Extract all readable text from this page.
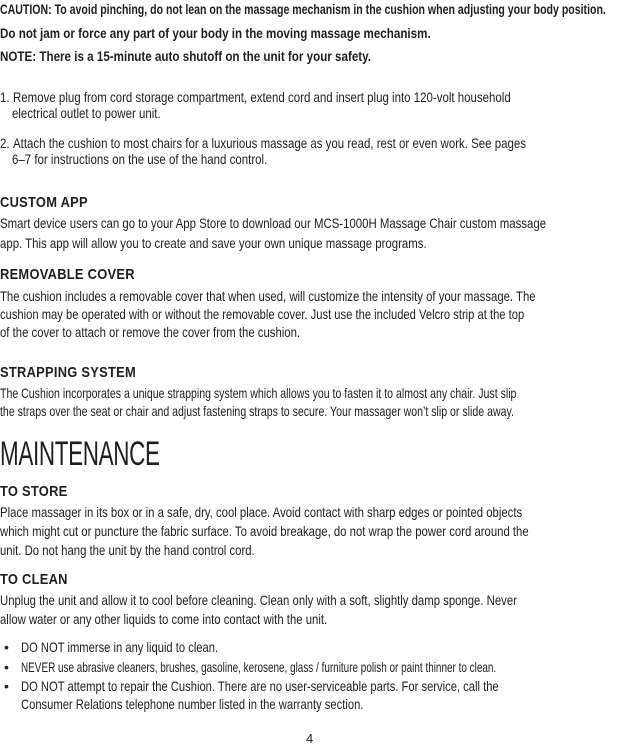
CAUTION: To avoid pinching, do not lean on the massage mechanism in the cushion when adjusting your body position.
Do not jam or force any part of your body in the moving massage mechanism.
NOTE: There is a 15-minute auto shutoff on the unit for your safety.
1. Remove plug from cord storage compartment, extend cord and insert plug into 120-volt household
electrical outlet to power unit.
2. Attach the cushion to most chairs for a luxurious massage as you read, rest or even work. See pages
6–7 for instructions on the use of the hand control.
CUSTOM APP
Smart device users can go to your App Store to download our MCS-1000H Massage Chair custom massage
app. This app will allow you to create and save your own unique massage programs.
REMOVABLE COVER
The cushion includes a removable cover that when used, will customize the intensity of your massage. The
cushion may be operated with or without the removable cover. Just use the included Velcro strip at the top
of the cover to attach or remove the cover from the cushion.
STRAPPING SYSTEM
The Cushion incorporates a unique strapping system which allows you to fasten it to almost any chair. Just slip
the straps over the seat or chair and adjust fastening straps to secure. Your massager won’t slip or slide away.
MAINTENANCE
TO STORE
Place massager in its box or in a safe, dry, cool place. Avoid contact with sharp edges or pointed objects
which might cut or puncture the fabric surface. To avoid breakage, do not wrap the power cord around the
unit. Do not hang the unit by the hand control cord.
TO CLEAN
Unplug the unit and allow it to cool before cleaning. Clean only with a soft, slightly damp sponge. Never
allow water or any other liquids to come into contact with the unit.
• DO NOT immerse in any liquid to clean.
• NEVER use abrasive cleaners, brushes, gasoline, kerosene, glass / furniture polish or paint thinner to clean.
• DO NOT attempt to repair the Cushion. There are no user-serviceable parts. For service, call the
Consumer Relations telephone number listed in the warranty section.
4
